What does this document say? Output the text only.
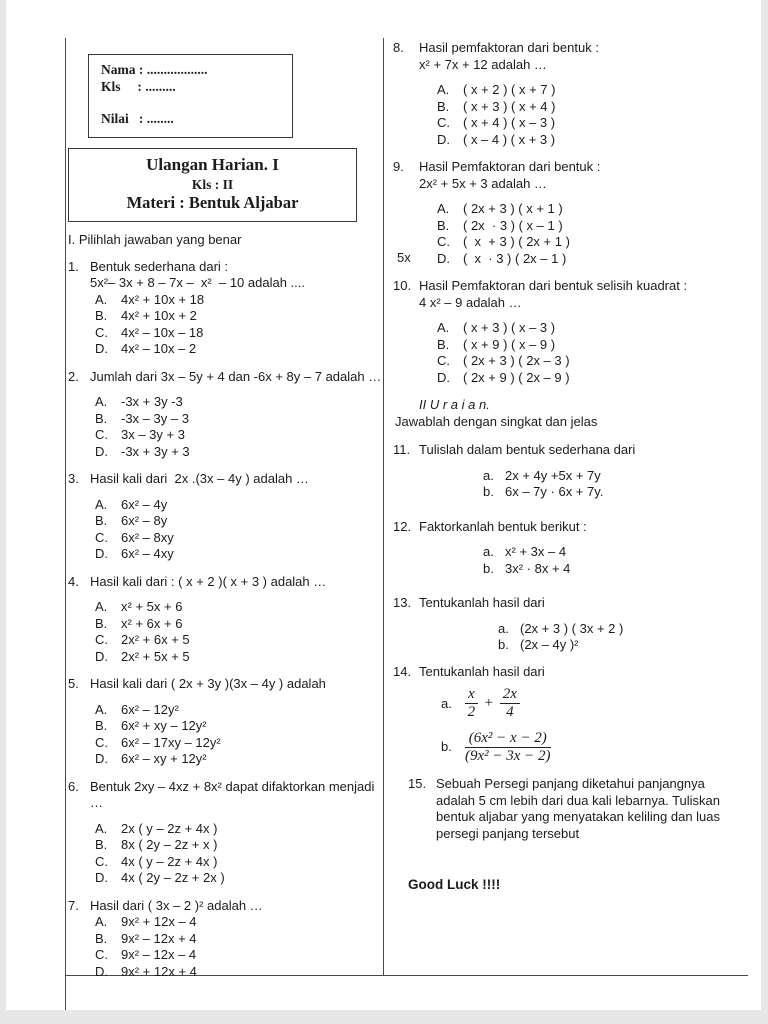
Nama : ..................
Kls     : .........
Nilai   : ........
Ulangan Harian. I
Kls : II
Materi : Bentuk Aljabar
I. Pilihlah jawaban yang benar
1. Bentuk sederhana dari :
5x²– 3x + 8 – 7x –  x²  – 10 adalah ....
A.	4x² + 10x + 18
B.	4x² + 10x + 2
C.	4x² – 10x – 18
D.	4x² – 10x – 2
2. Jumlah dari 3x – 5y + 4 dan -6x + 8y – 7 adalah …
A.	-3x + 3y -3
B.	-3x – 3y – 3
C.	3x – 3y + 3
D.	-3x + 3y + 3
3. Hasil kali dari  2x .(3x – 4y ) adalah …
A.	6x² – 4y
B.	6x² – 8y
C.	6x² – 8xy
D.	6x² – 4xy
4. Hasil kali dari : ( x + 2 )( x + 3 ) adalah …
A.	x² + 5x + 6
B.	x² + 6x + 6
C.	2x² + 6x + 5
D.	2x² + 5x + 5
5. Hasil kali dari ( 2x + 3y )(3x – 4y ) adalah
A.	6x² – 12y²
B.	6x² + xy – 12y²
C.	6x² – 17xy – 12y²
D.	6x² – xy + 12y²
6. Bentuk 2xy – 4xz + 8x² dapat difaktorkan menjadi …
A.	2x ( y – 2z + 4x )
B.	8x ( 2y – 2z + x )
C.	4x ( y – 2z + 4x )
D.	4x ( 2y – 2z + 2x )
7. Hasil dari ( 3x – 2 )² adalah …
A.	9x² + 12x – 4
B.	9x² – 12x + 4
C.	9x² – 12x – 4
D.	9x² + 12x + 4
8.	Hasil pemfaktoran dari bentuk :
x² + 7x + 12 adalah …
A.	( x + 2 ) ( x + 7 )
B.	( x + 3 ) ( x + 4 )
C.	( x + 4 ) ( x – 3 )
D.	( x – 4 ) ( x + 3 )
9.	Hasil Pemfaktoran dari bentuk :
2x² + 5x + 3 adalah …
5x
A.	( 2x + 3 ) ( x + 1 )
B.	( 2x  · 3 ) ( x – 1 )
C.	(  x  + 3 ) ( 2x + 1 )
D.	(  x  · 3 ) ( 2x – 1 )
10. Hasil Pemfaktoran dari bentuk selisih kuadrat :
4 x² – 9 adalah …
A.	( x + 3 ) ( x – 3 )
B.	( x + 9 ) ( x – 9 )
C.	( 2x + 3 ) ( 2x – 3 )
D.	( 2x + 9 ) ( 2x – 9 )
II U r a i a n.
Jawablah dengan singkat dan jelas
11. Tulislah dalam bentuk sederhana dari
a. 2x + 4y +5x + 7y
b. 6x – 7y · 6x + 7y.
12. Faktorkanlah bentuk berikut :
a. x² + 3x – 4
b. 3x² · 8x + 4
13. Tentukanlah hasil dari
a. (2x + 3 ) ( 3x + 2 )
b. (2x – 4y )²
14. Tentukanlah hasil dari
a. $\frac{x}{2} + \frac{2x}{4}$
b. $\frac{\text{(6x² − x − 2)}}{\text{(9x² − 3x − 2)}}$
15. Sebuah Persegi panjang diketahui panjangnya adalah 5 cm lebih dari dua kali lebarnya. Tuliskan bentuk aljabar yang menyatakan keliling dan luas persegi panjang tersebut
Good Luck !!!!
